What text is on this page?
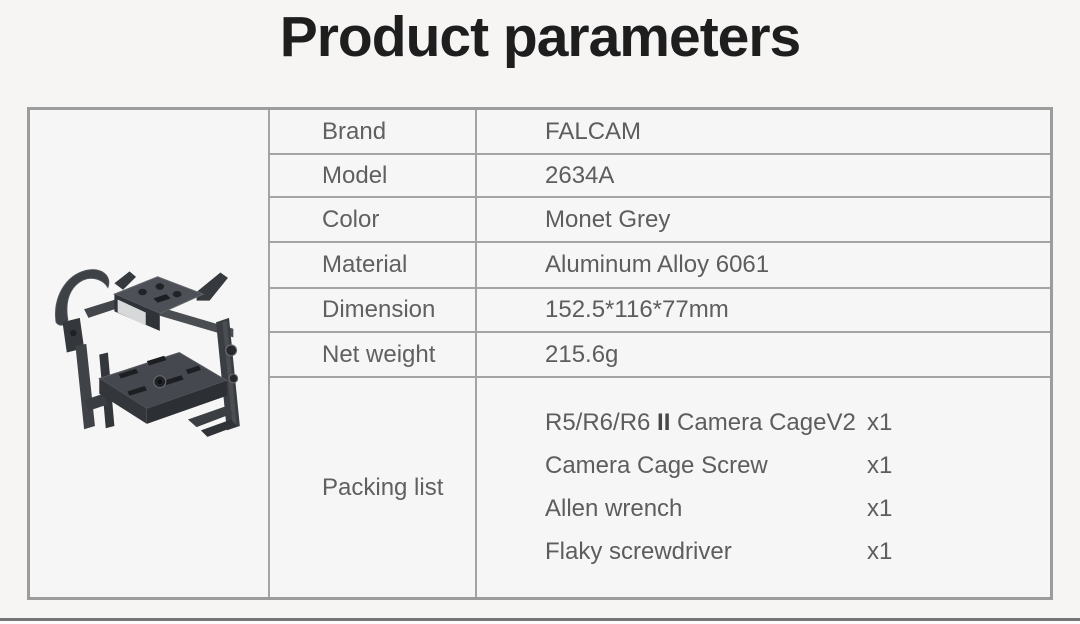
Product parameters
Brand	FALCAM
Model	2634A
Color	Monet Grey
Material	Aluminum Alloy 6061
Dimension	152.5*116*77mm
Net weight	215.6g
Packing list
R5/R6/R6 II Camera CageV2 x1
Camera Cage Screw	x1
Allen wrench	x1
Flaky screwdriver	x1
